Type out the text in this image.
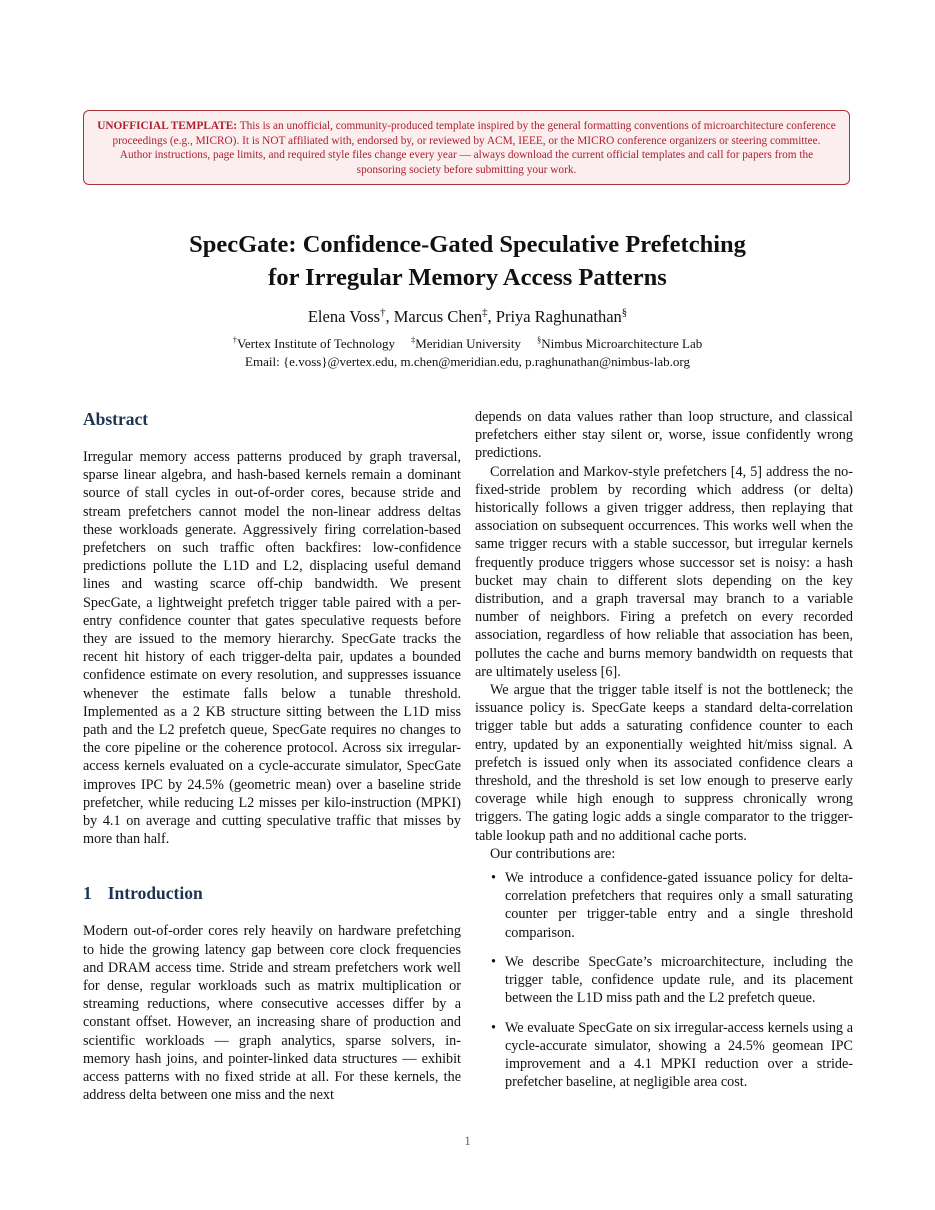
UNOFFICIAL TEMPLATE: This is an unofficial, community-produced template inspired by the general formatting conventions of microarchitecture conference proceedings (e.g., MICRO). It is NOT affiliated with, endorsed by, or reviewed by ACM, IEEE, or the MICRO conference organizers or steering committee. Author instructions, page limits, and required style files change every year — always download the current official templates and call for papers from the sponsoring society before submitting your work.
SpecGate: Confidence-Gated Speculative Prefetching
for Irregular Memory Access Patterns
Elena Voss†, Marcus Chen‡, Priya Raghunathan§
†Vertex Institute of Technology ‡Meridian University §Nimbus Microarchitecture Lab
Email: {e.voss}@vertex.edu, m.chen@meridian.edu, p.raghunathan@nimbus-lab.org
Abstract

Irregular memory access patterns produced by graph traversal, sparse linear algebra, and hash-based kernels remain a dominant source of stall cycles in out-of-order cores, because stride and stream prefetchers cannot model the non-linear address deltas these workloads generate. Aggressively firing correlation-based prefetchers on such traffic often backfires: low-confidence predictions pollute the L1D and L2, displacing useful demand lines and wasting scarce off-chip bandwidth. We present SpecGate, a lightweight prefetch trigger table paired with a per-entry confidence counter that gates speculative requests before they are issued to the memory hierarchy. SpecGate tracks the recent hit history of each trigger-delta pair, updates a bounded confidence estimate on every resolution, and suppresses issuance whenever the estimate falls below a tunable threshold. Implemented as a 2 KB structure sitting between the L1D miss path and the L2 prefetch queue, SpecGate requires no changes to the core pipeline or the coherence protocol. Across six irregular-access kernels evaluated on a cycle-accurate simulator, SpecGate improves IPC by 24.5% (geometric mean) over a baseline stride prefetcher, while reducing L2 misses per kilo-instruction (MPKI) by 4.1 on average and cutting speculative traffic that misses by more than half.

1 Introduction

Modern out-of-order cores rely heavily on hardware prefetching to hide the growing latency gap between core clock frequencies and DRAM access time. Stride and stream prefetchers work well for dense, regular workloads such as matrix multiplication or streaming reductions, where consecutive accesses differ by a constant offset. However, an increasing share of production and scientific workloads — graph analytics, sparse solvers, in-memory hash joins, and pointer-linked data structures — exhibit access patterns with no fixed stride at all. For these kernels, the address delta between one miss and the next

depends on data values rather than loop structure, and classical prefetchers either stay silent or, worse, issue confidently wrong predictions.

Correlation and Markov-style prefetchers [4, 5] address the no-fixed-stride problem by recording which address (or delta) historically follows a given trigger address, then replaying that association on subsequent occurrences. This works well when the same trigger recurs with a stable successor, but irregular kernels frequently produce triggers whose successor set is noisy: a hash bucket may chain to different slots depending on the key distribution, and a graph traversal may branch to a variable number of neighbors. Firing a prefetch on every recorded association, regardless of how reliable that association has been, pollutes the cache and burns memory bandwidth on requests that are ultimately useless [6].

We argue that the trigger table itself is not the bottleneck; the issuance policy is. SpecGate keeps a standard delta-correlation trigger table but adds a saturating confidence counter to each entry, updated by an exponentially weighted hit/miss signal. A prefetch is issued only when its associated confidence clears a threshold, and the threshold is set low enough to preserve early coverage while high enough to suppress chronically wrong triggers. The gating logic adds a single comparator to the trigger-table lookup path and no additional cache ports.

Our contributions are:

• We introduce a confidence-gated issuance policy for delta-correlation prefetchers that requires only a small saturating counter per trigger-table entry and a single threshold comparison.
• We describe SpecGate’s microarchitecture, including the trigger table, confidence update rule, and its placement between the L1D miss path and the L2 prefetch queue.
• We evaluate SpecGate on six irregular-access kernels using a cycle-accurate simulator, showing a 24.5% geomean IPC improvement and a 4.1 MPKI reduction over a stride-prefetcher baseline, at negligible area cost.
1
